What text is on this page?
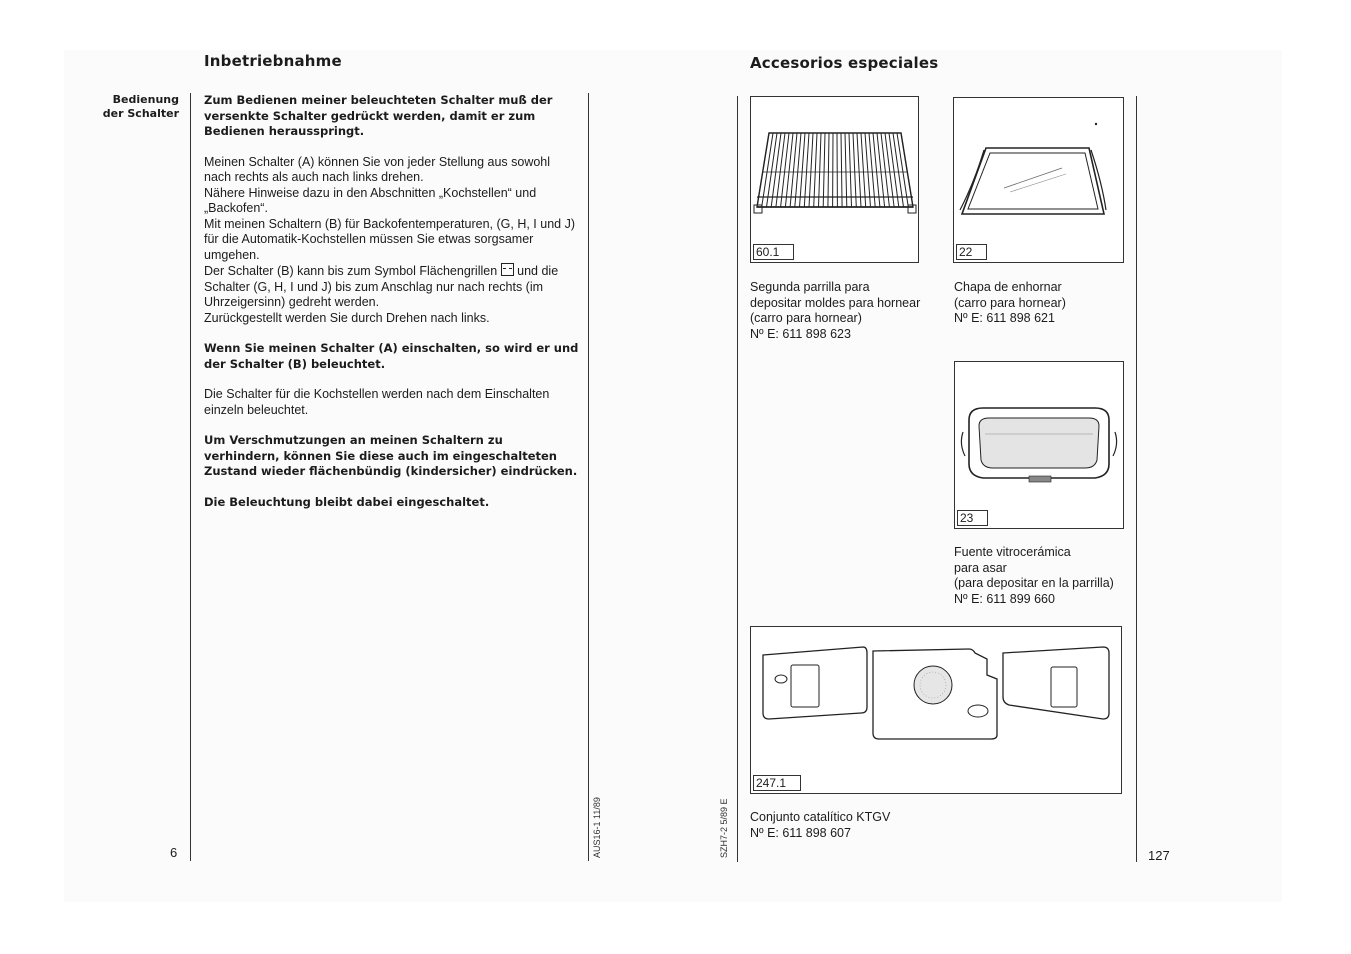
Inbetriebnahme
Bedienung
der Schalter
Zum Bedienen meiner beleuchteten Schalter muß der versenkte Schalter gedrückt werden, damit er zum Bedienen herausspringt.

Meinen Schalter (A) können Sie von jeder Stellung aus sowohl nach rechts als auch nach links drehen.

Nähere Hinweise dazu in den Abschnitten „Kochstellen“ und „Backofen“.

Mit meinen Schaltern (B) für Backofentemperaturen, (G, H, I und J) für die Automatik-Kochstellen müssen Sie etwas sorgsamer umgehen.

Der Schalter (B) kann bis zum Symbol Flächengrillen und die Schalter (G, H, I und J) bis zum Anschlag nur nach rechts (im Uhrzeigersinn) gedreht werden.

Zurückgestellt werden Sie durch Drehen nach links.

Wenn Sie meinen Schalter (A) einschalten, so wird er und der Schalter (B) beleuchtet.

Die Schalter für die Kochstellen werden nach dem Einschalten einzeln beleuchtet.

Um Verschmutzungen an meinen Schaltern zu verhindern, können Sie diese auch im eingeschalteten Zustand wieder flächenbündig (kindersicher) eindrücken.
Die Beleuchtung bleibt dabei eingeschaltet.
6	AUS16-1 11/89
Accesorios especiales
SZH7-2 5/89 E	127
60.1
Segunda parrilla para
depositar moldes para hornear
(carro para hornear)
Nº E: 611 898 623
22
Chapa de enhornar
(carro para hornear)
Nº E: 611 898 621
23
Fuente vitrocerámica
para asar
(para depositar en la parrilla)
Nº E: 611 899 660
247.1
Conjunto catalítico KTGV
Nº E: 611 898 607
